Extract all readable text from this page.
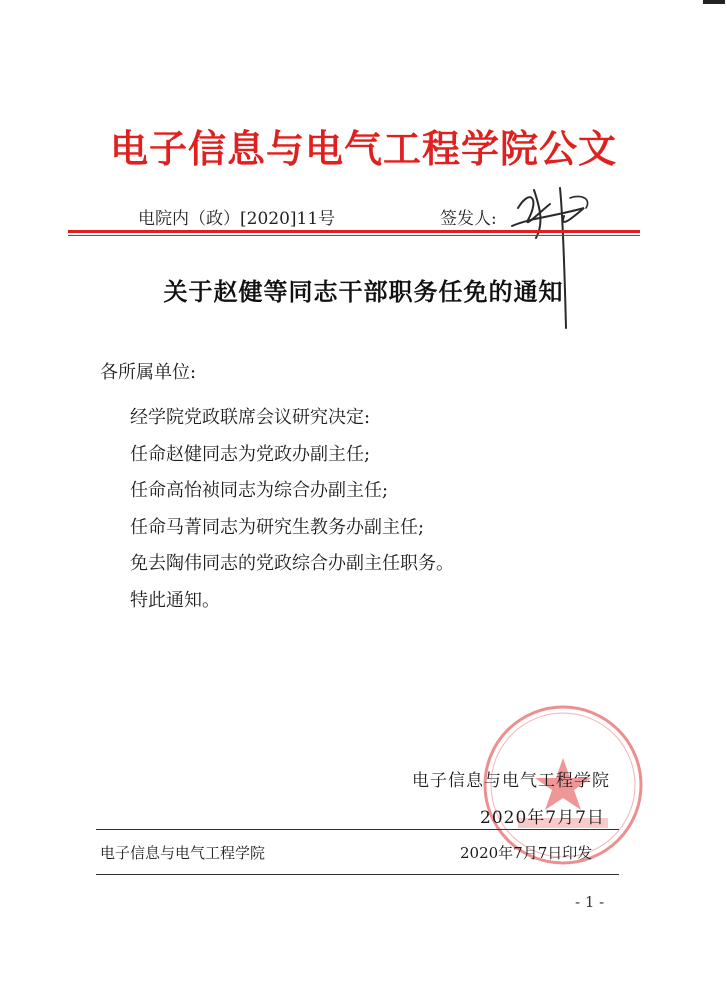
电子信息与电气工程学院公文
电院内（政）[2020]11号	签发人:
关于赵健等同志干部职务任免的通知
各所属单位:
经学院党政联席会议研究决定:
任命赵健同志为党政办副主任;
任命高怡祯同志为综合办副主任;
任命马菁同志为研究生教务办副主任;
免去陶伟同志的党政综合办副主任职务。
特此通知。
电子信息与电气工程学院
2020年7月7日
电子信息与电气工程学院	2020年7月7日印发
- 1 -
